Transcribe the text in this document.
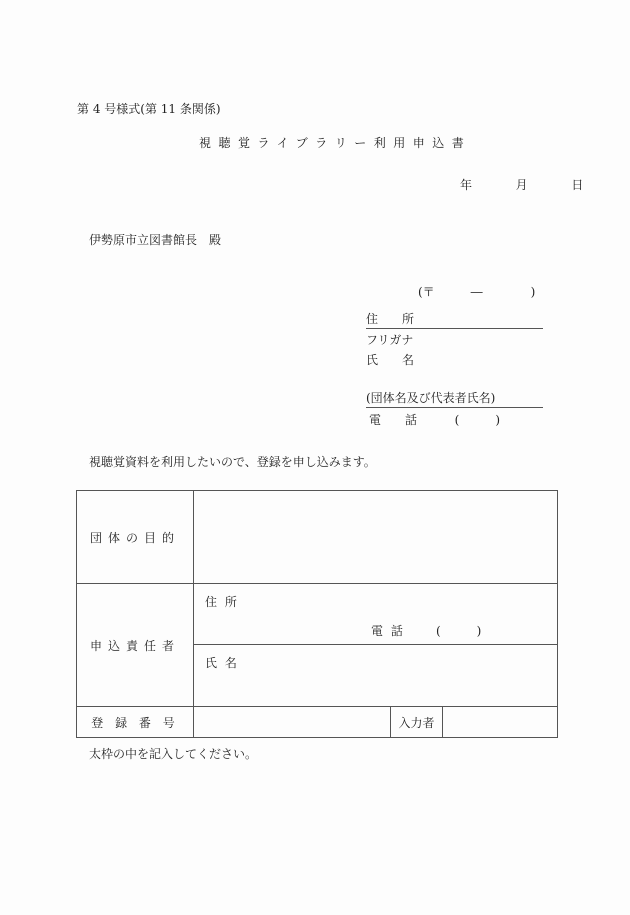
第 4 号様式(第 11 条関係)
視聴覚ライブラリー利用申込書
年	月	日
伊勢原市立図書館長　殿
(〒　　　―　　　　)
住　　所
フリガナ
氏　　名
(団体名及び代表者氏名)
電　　話	(　　　)
視聴覚資料を利用したいので、登録を申し込みます。
団体の目的			
申込責任者	住 所
電 話 (　　　)		

	氏 名		

登 録 番 号		入力者	
太枠の中を記入してください。
